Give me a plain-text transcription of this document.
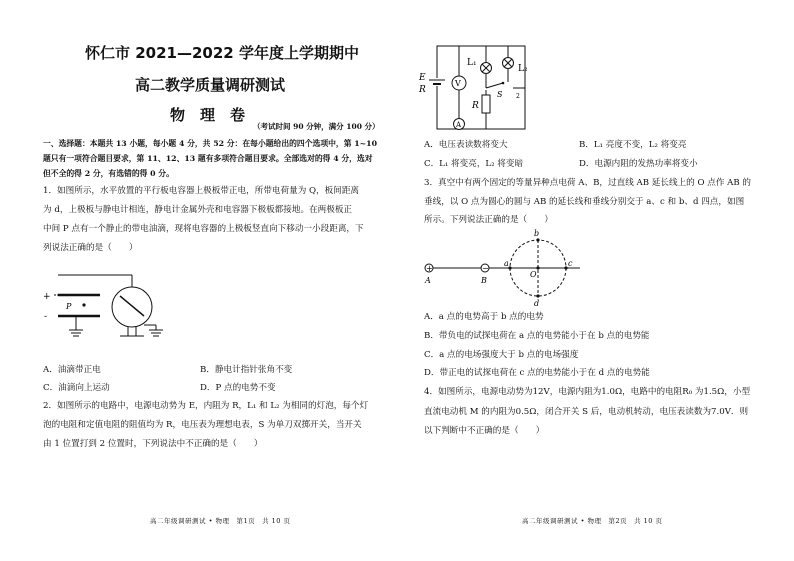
怀仁市 2021—2022 学年度上学期期中
高二教学质量调研测试
物　理　卷
（考试时间 90 分钟，满分 100 分）
一、选择题：本题共 13 小题，每小题 4 分，共 52 分：在每小题给出的四个选项中，第 1~10
题只有一项符合题目要求，第 11、12、13 题有多项符合题目要求。全部选对的得 4 分，选对
但不全的得 2 分，有选错的得 0 分。
1．如图所示，水平放置的平行板电容器上极板带正电，所带电荷量为 Q，板间距离
为 d，上极板与静电计相连，静电计金属外壳和电容器下极板都接地。在两极板正
中间 P 点有一个静止的带电油滴，现将电容器的上极板竖直向下移动一小段距离，下
列说法正确的是（　　）
+
-
P
A．油滴带正电	B．静电计指针张角不变
C．油滴向上运动	D．P 点的电势不变
2．如图所示的电路中，电源电动势为 E，内阻为 R，L₁ 和 L₂ 为相同的灯泡，每个灯
泡的电阻和定值电阻的阻值均为 R，电压表为理想电表，S 为单刀双掷开关，当开关
由 1 位置打到 2 位置时，下列说法中不正确的是（　　）
高二年级调研测试 • 物理　第1页　共 10 页
E
R
V
L₁
L₂
S 2
R
A
A．电压表读数将变大	B．L₁ 亮度不变，L₂ 将变亮
C．L₁ 将变亮，L₂ 将变暗	D．电源内阻的发热功率将变小
3．真空中有两个固定的等量异种点电荷 A、B，过直线 AB 延长线上的 O 点作 AB 的
垂线，以 O 点为圆心的圆与 AB 的延长线和垂线分别交于 a、c 和 b、d 四点，如图
所示。下列说法正确的是（　　）
+	−
A	B
a
O
c
b
d
A．a 点的电势高于 b 点的电势
B．带负电的试探电荷在 a 点的电势能小于在 b 点的电势能
C．a 点的电场强度大于 b 点的电场强度
D．带正电的试探电荷在 c 点的电势能小于在 d 点的电势能
4．如图所示，电源电动势为12V，电源内阻为1.0Ω，电路中的电阻R₀ 为1.5Ω，小型
直流电动机 M 的内阻为0.5Ω，闭合开关 S 后，电动机转动，电压表读数为7.0V．则
以下判断中不正确的是（　　）
高二年级调研测试 • 物理　第2页　共 10 页
